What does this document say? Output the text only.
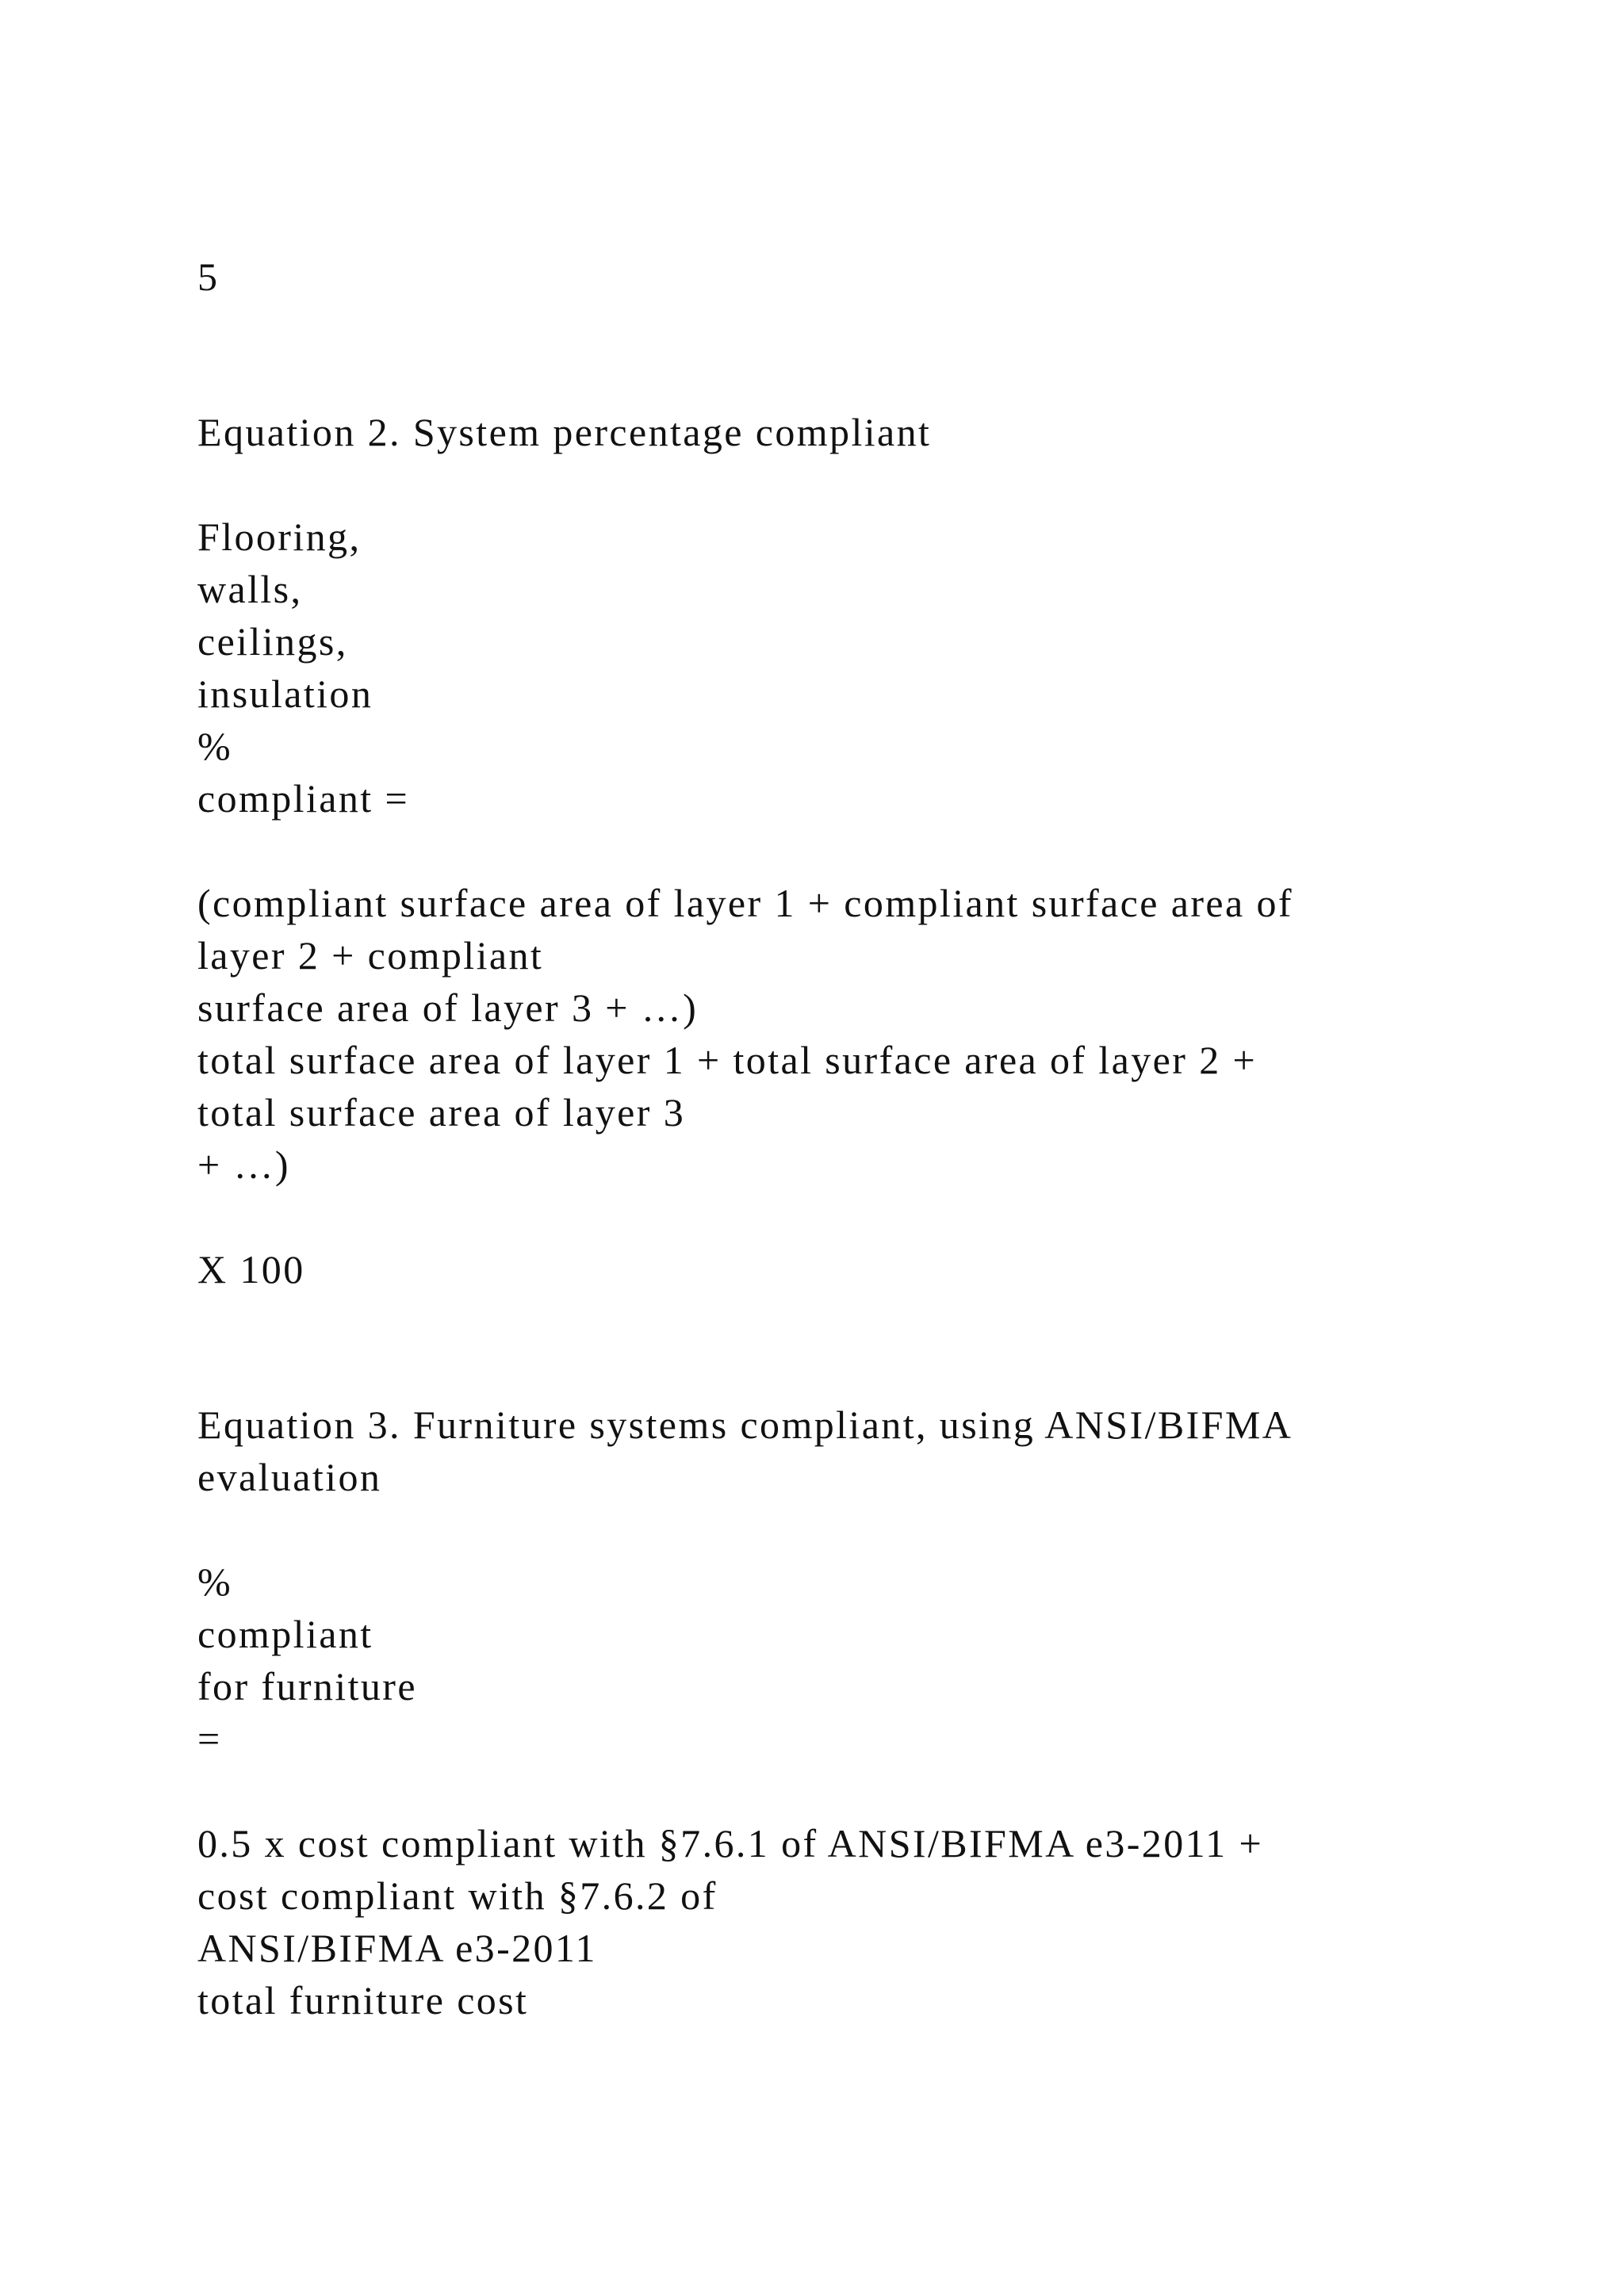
5
Equation 2. System percentage compliant
Flooring,
walls,
ceilings,
insulation
%
compliant =
(compliant surface area of layer 1 + compliant surface area of
layer 2 + compliant
surface area of layer 3 + …)
total surface area of layer 1 + total surface area of layer 2 +
total surface area of layer 3
+ …)
X 100
Equation 3. Furniture systems compliant, using ANSI/BIFMA
evaluation
%
compliant
for furniture
=
0.5 x cost compliant with §7.6.1 of ANSI/BIFMA e3-2011 +
cost compliant with §7.6.2 of
ANSI/BIFMA e3-2011
total furniture cost
